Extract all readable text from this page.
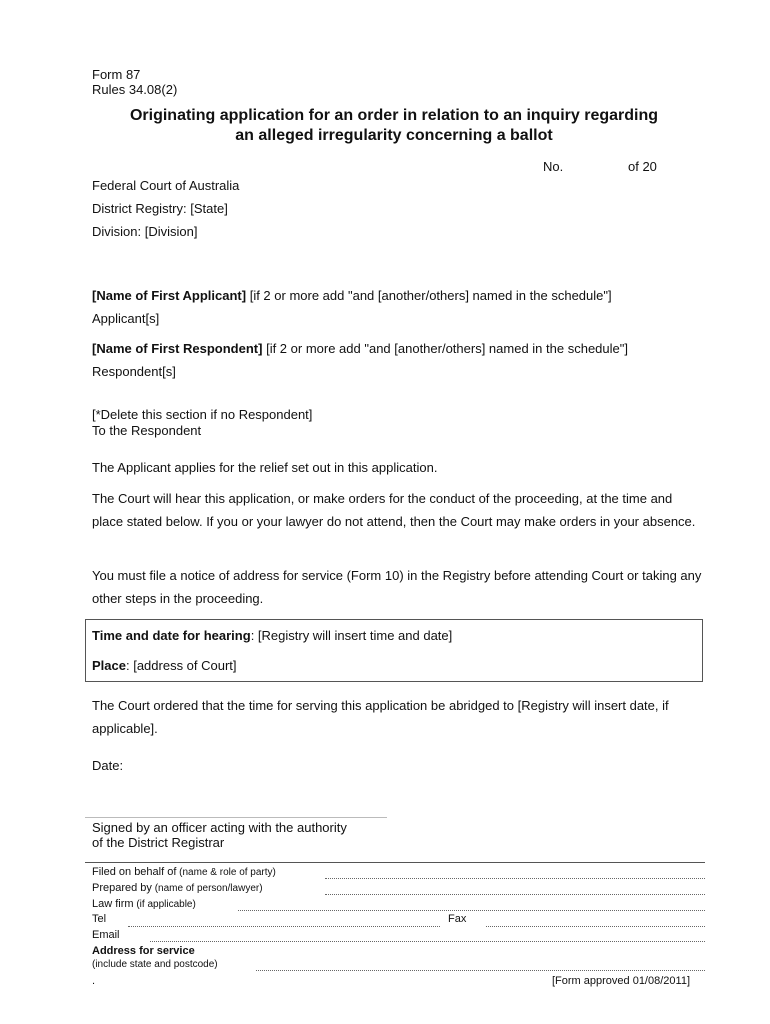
Form 87
Rules 34.08(2)
Originating application for an order in relation to an inquiry regarding
an alleged irregularity concerning a ballot
No.	of 20
Federal Court of Australia
District Registry: [State]
Division: [Division]
[Name of First Applicant] [if 2 or more add "and [another/others] named in the schedule"]
Applicant[s]
[Name of First Respondent] [if 2 or more add "and [another/others] named in the schedule"]
Respondent[s]
[*Delete this section if no Respondent]
To the Respondent
The Applicant applies for the relief set out in this application.
The Court will hear this application, or make orders for the conduct of the proceeding, at the time and place stated below. If you or your lawyer do not attend, then the Court may make orders in your absence.
You must file a notice of address for service (Form 10) in the Registry before attending Court or taking any other steps in the proceeding.
Time and date for hearing: [Registry will insert time and date]
Place: [address of Court]
The Court ordered that the time for serving this application be abridged to [Registry will insert date, if applicable].
Date:
Signed by an officer acting with the authority
of the District Registrar
Filed on behalf of (name & role of party)
Prepared by (name of person/lawyer)
Law firm (if applicable)
Tel	Fax
Email
Address for service
(include state and postcode)
.	[Form approved 01/08/2011]
